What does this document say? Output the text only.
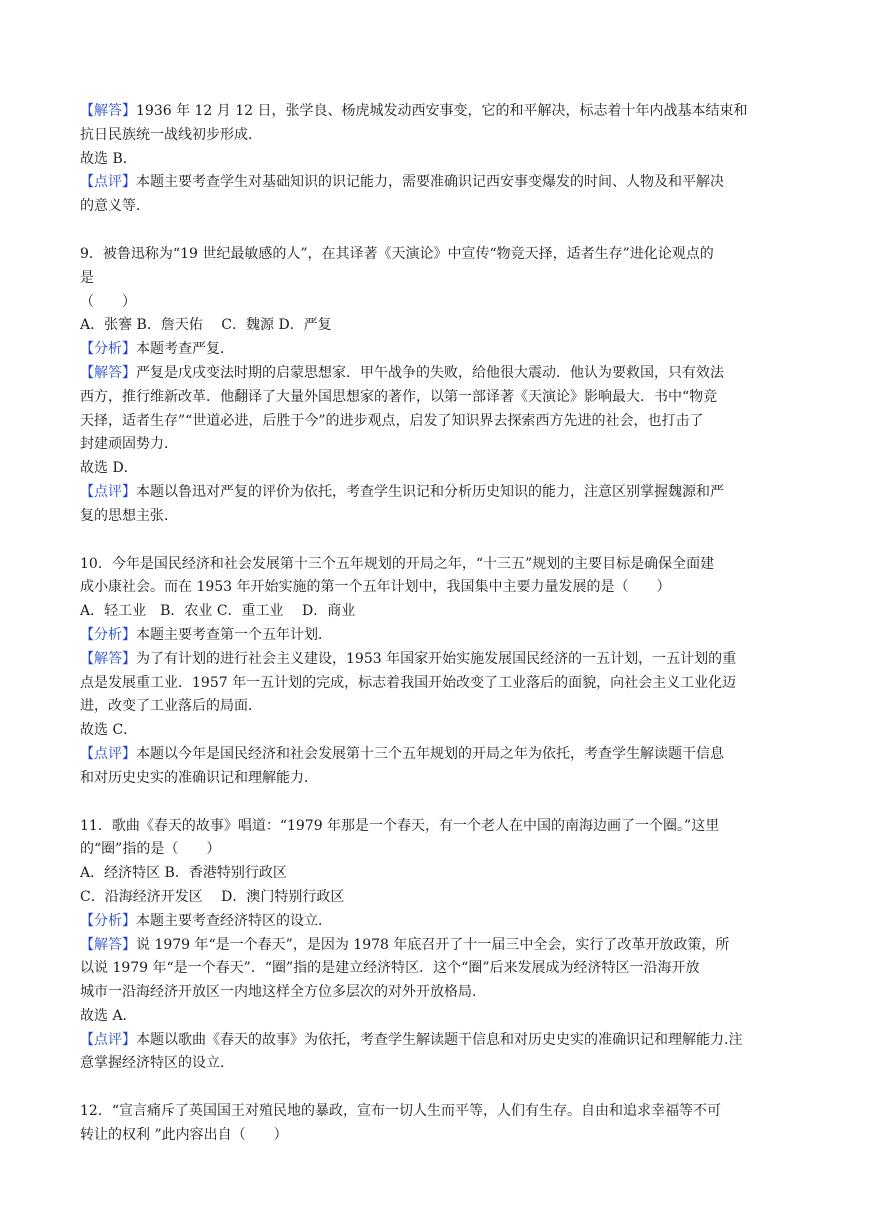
【解答】1936 年 12 月 12 日，张学良、杨虎城发动西安事变，它的和平解决，标志着十年内战基本结束和
抗日民族统一战线初步形成．
故选 B．
【点评】本题主要考查学生对基础知识的识记能力，需要准确识记西安事变爆发的时间、人物及和平解决
的意义等．
9．被鲁迅称为“19 世纪最敏感的人”，在其译著《天演论》中宣传“物竞天择，适者生存”进化论观点的
是
（　　）
A．张謇 B．詹天佑　 C．魏源 D．严复
【分析】本题考查严复．
【解答】严复是戊戌变法时期的启蒙思想家．甲午战争的失败，给他很大震动．他认为要救国，只有效法
西方，推行维新改革．他翻译了大量外国思想家的著作，以第一部译著《天演论》影响最大．书中“物竞
天择，适者生存”“世道必进，后胜于今”的进步观点，启发了知识界去探索西方先进的社会，也打击了
封建顽固势力．
故选 D．
【点评】本题以鲁迅对严复的评价为依托，考查学生识记和分析历史知识的能力，注意区别掌握魏源和严
复的思想主张．
10．今年是国民经济和社会发展第十三个五年规划的开局之年，“十三五”规划的主要目标是确保全面建
成小康社会。而在 1953 年开始实施的第一个五年计划中，我国集中主要力量发展的是（　　）
A．轻工业　B．农业 C．重工业　 D．商业
【分析】本题主要考查第一个五年计划．
【解答】为了有计划的进行社会主义建设，1953 年国家开始实施发展国民经济的一五计划，一五计划的重
点是发展重工业．1957 年一五计划的完成，标志着我国开始改变了工业落后的面貌，向社会主义工业化迈
进，改变了工业落后的局面．
故选 C．
【点评】本题以今年是国民经济和社会发展第十三个五年规划的开局之年为依托，考查学生解读题干信息
和对历史史实的准确识记和理解能力．
11．歌曲《春天的故事》唱道：“1979 年那是一个春天，有一个老人在中国的南海边画了一个圈。”这里
的“圈”指的是（　　）
A．经济特区 B．香港特别行政区
C．沿海经济开发区　 D．澳门特别行政区
【分析】本题主要考查经济特区的设立．
【解答】说 1979 年“是一个春天”，是因为 1978 年底召开了十一届三中全会，实行了改革开放政策，所
以说 1979 年“是一个春天”．“圈”指的是建立经济特区．这个“圈”后来发展成为经济特区一沿海开放
城市一沿海经济开放区一内地这样全方位多层次的对外开放格局．
故选 A．
【点评】本题以歌曲《春天的故事》为依托，考查学生解读题干信息和对历史史实的准确识记和理解能力.注
意掌握经济特区的设立.
12．“宣言痛斥了英国国王对殖民地的暴政，宣布一切人生而平等，人们有生存。自由和追求幸福等不可
转让的权利 ”此内容出自（　　）
